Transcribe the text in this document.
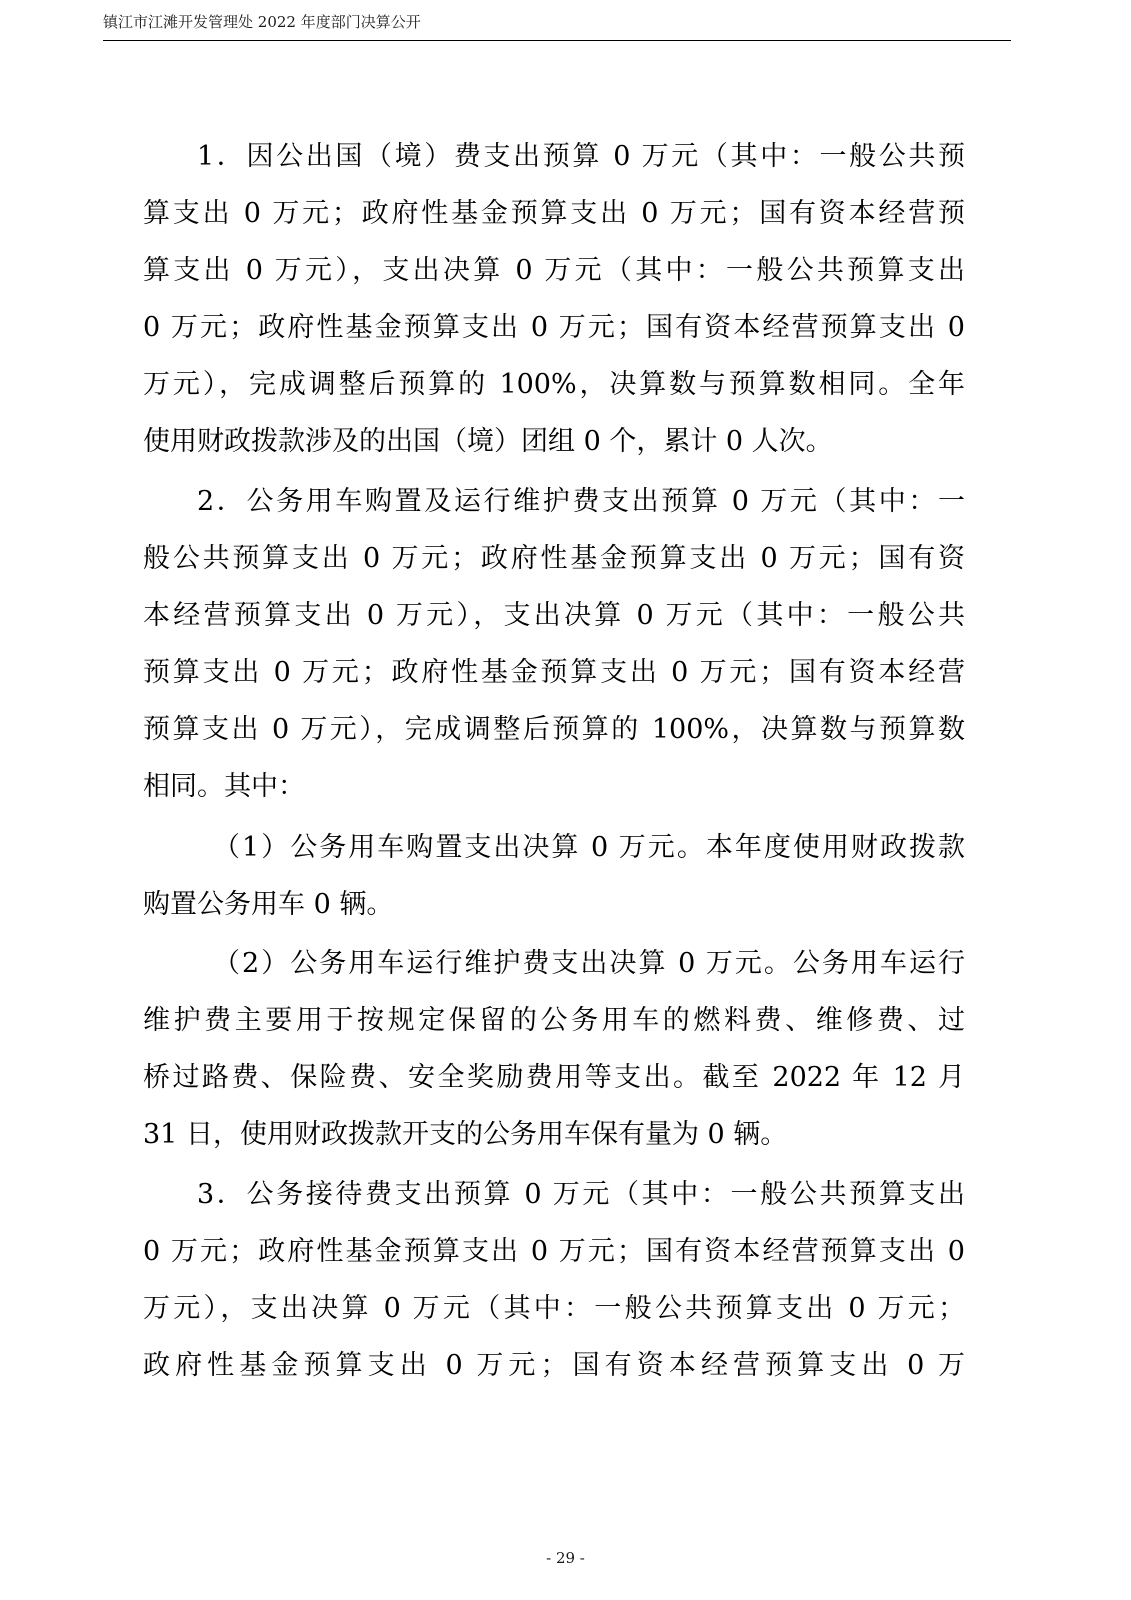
镇江市江滩开发管理处 2022 年度部门决算公开
1．因公出国（境）费支出预算 0 万元（其中：一般公共预
算支出 0 万元；政府性基金预算支出 0 万元；国有资本经营预
算支出 0 万元），支出决算 0 万元（其中：一般公共预算支出
0 万元；政府性基金预算支出 0 万元；国有资本经营预算支出 0
万元），完成调整后预算的 100%，决算数与预算数相同。全年
使用财政拨款涉及的出国（境）团组 0 个，累计 0 人次。
2．公务用车购置及运行维护费支出预算 0 万元（其中：一
般公共预算支出 0 万元；政府性基金预算支出 0 万元；国有资
本经营预算支出 0 万元），支出决算 0 万元（其中：一般公共
预算支出 0 万元；政府性基金预算支出 0 万元；国有资本经营
预算支出 0 万元），完成调整后预算的 100%，决算数与预算数
相同。其中：
（1）公务用车购置支出决算 0 万元。本年度使用财政拨款
购置公务用车 0 辆。
（2）公务用车运行维护费支出决算 0 万元。公务用车运行
维护费主要用于按规定保留的公务用车的燃料费、维修费、过
桥过路费、保险费、安全奖励费用等支出。截至 2022 年 12 月
31 日，使用财政拨款开支的公务用车保有量为 0 辆。
3．公务接待费支出预算 0 万元（其中：一般公共预算支出
0 万元；政府性基金预算支出 0 万元；国有资本经营预算支出 0
万元），支出决算 0 万元（其中：一般公共预算支出 0 万元；
政府性基金预算支出 0 万元；国有资本经营预算支出 0 万
- 29 -
